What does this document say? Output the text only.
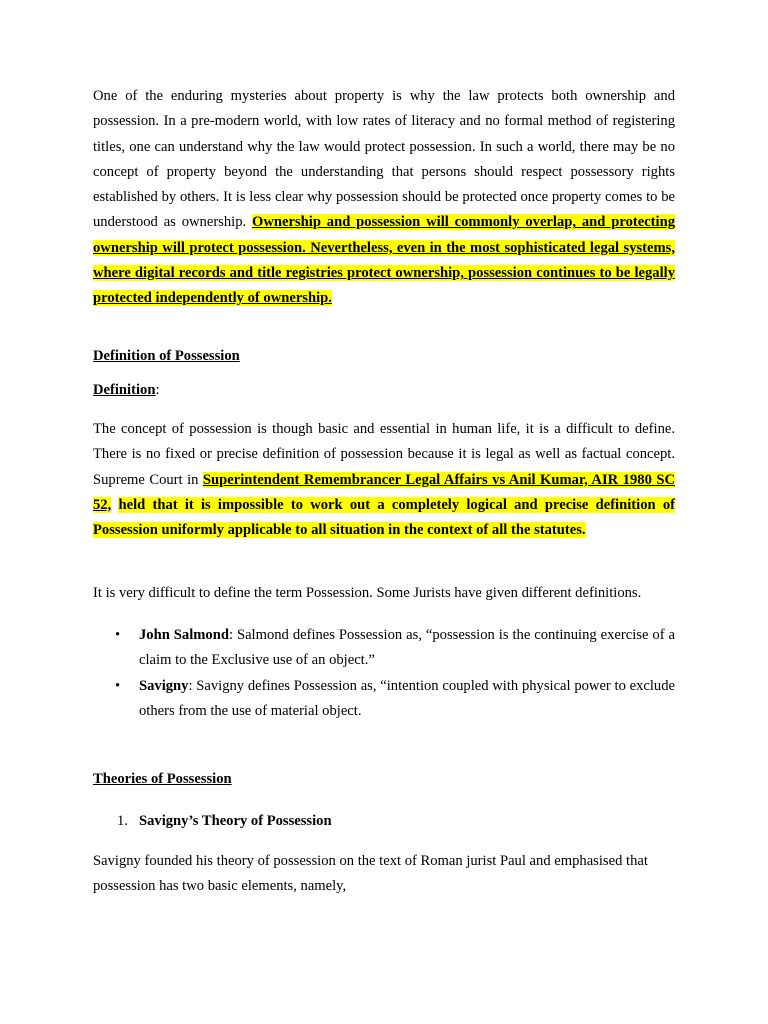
One of the enduring mysteries about property is why the law protects both ownership and possession. In a pre-modern world, with low rates of literacy and no formal method of registering titles, one can understand why the law would protect possession. In such a world, there may be no concept of property beyond the understanding that persons should respect possessory rights established by others. It is less clear why possession should be protected once property comes to be understood as ownership. Ownership and possession will commonly overlap, and protecting ownership will protect possession. Nevertheless, even in the most sophisticated legal systems, where digital records and title registries protect ownership, possession continues to be legally protected independently of ownership.

Definition of Possession
Definition:

The concept of possession is though basic and essential in human life, it is a difficult to define. There is no fixed or precise definition of possession because it is legal as well as factual concept. Supreme Court in Superintendent Remembrancer Legal Affairs vs Anil Kumar, AIR 1980 SC 52, held that it is impossible to work out a completely logical and precise definition of Possession uniformly applicable to all situation in the context of all the statutes.

It is very difficult to define the term Possession. Some Jurists have given different definitions.

• John Salmond: Salmond defines Possession as, “possession is the continuing exercise of a claim to the Exclusive use of an object.”
• Savigny: Savigny defines Possession as, “intention coupled with physical power to exclude others from the use of material object.
Theories of Possession
1. Savigny’s Theory of Possession

Savigny founded his theory of possession on the text of Roman jurist Paul and emphasised that possession has two basic elements, namely,
